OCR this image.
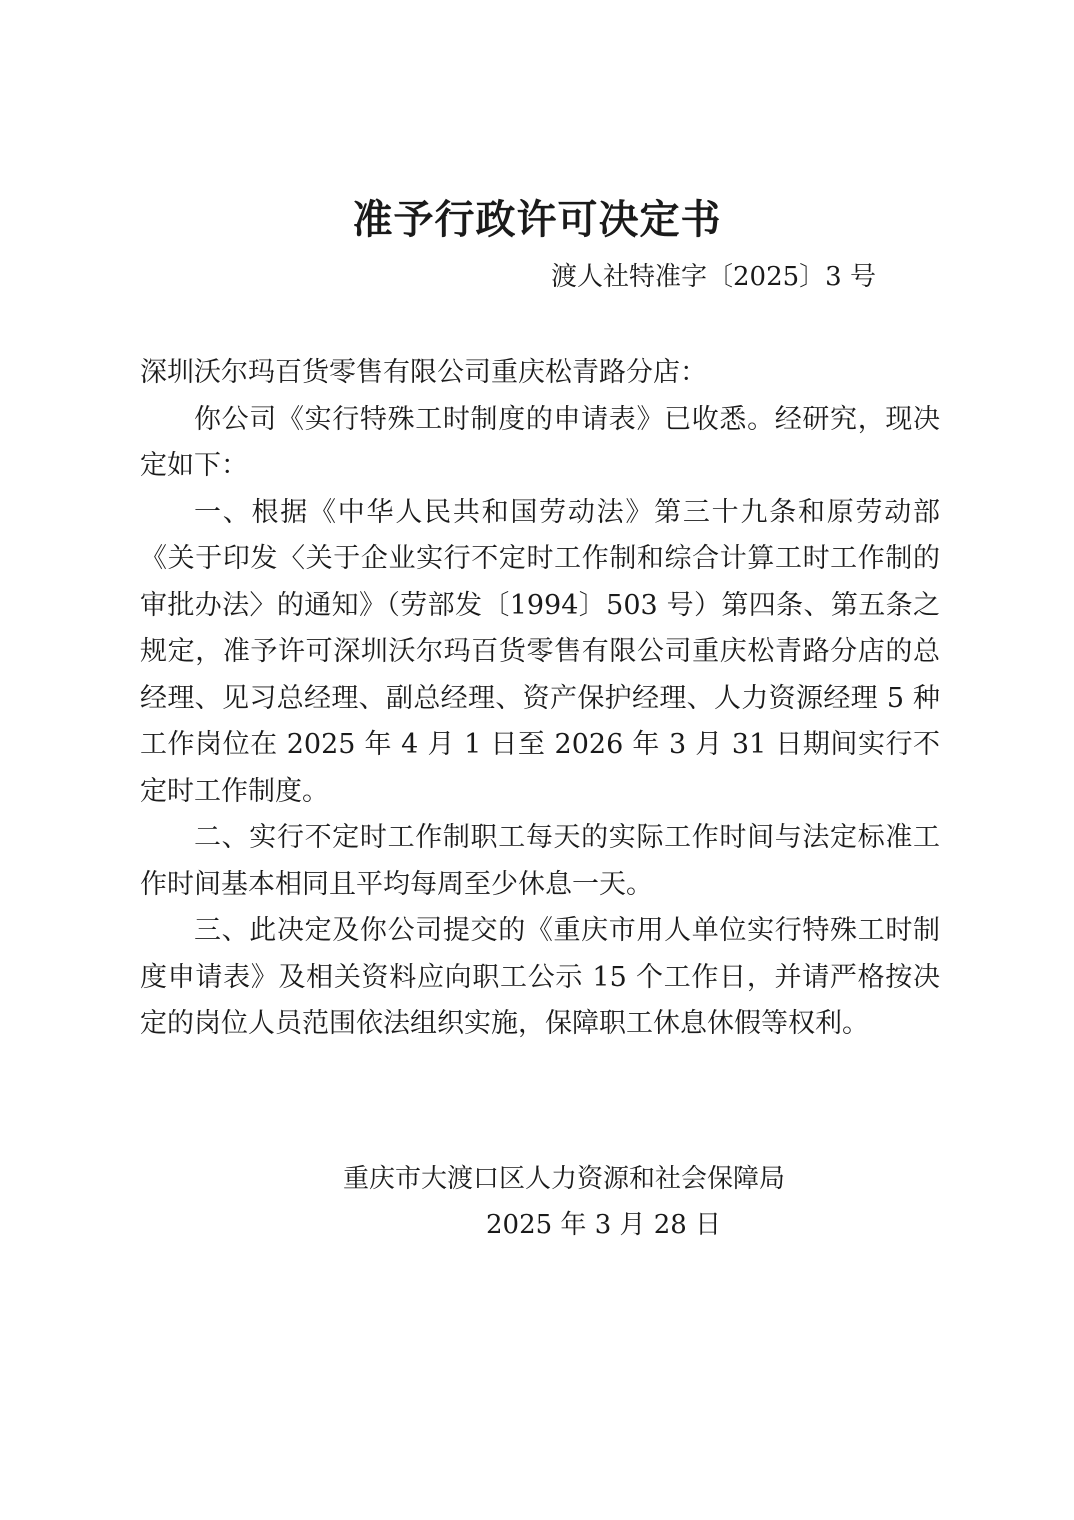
准予行政许可决定书

渡人社特准字〔2025〕3 号

深圳沃尔玛百货零售有限公司重庆松青路分店：

你公司《实行特殊工时制度的申请表》已收悉。经研究，现决定如下：

一、根据《中华人民共和国劳动法》第三十九条和原劳动部《关于印发〈关于企业实行不定时工作制和综合计算工时工作制的审批办法〉的通知》（劳部发〔1994〕503 号）第四条、第五条之规定，准予许可深圳沃尔玛百货零售有限公司重庆松青路分店的总经理、见习总经理、副总经理、资产保护经理、人力资源经理 5 种工作岗位在 2025 年 4 月 1 日至 2026 年 3 月 31 日期间实行不定时工作制度。

二、实行不定时工作制职工每天的实际工作时间与法定标准工作时间基本相同且平均每周至少休息一天。

三、此决定及你公司提交的《重庆市用人单位实行特殊工时制度申请表》及相关资料应向职工公示 15 个工作日，并请严格按决定的岗位人员范围依法组织实施，保障职工休息休假等权利。

重庆市大渡口区人力资源和社会保障局

2025 年 3 月 28 日
